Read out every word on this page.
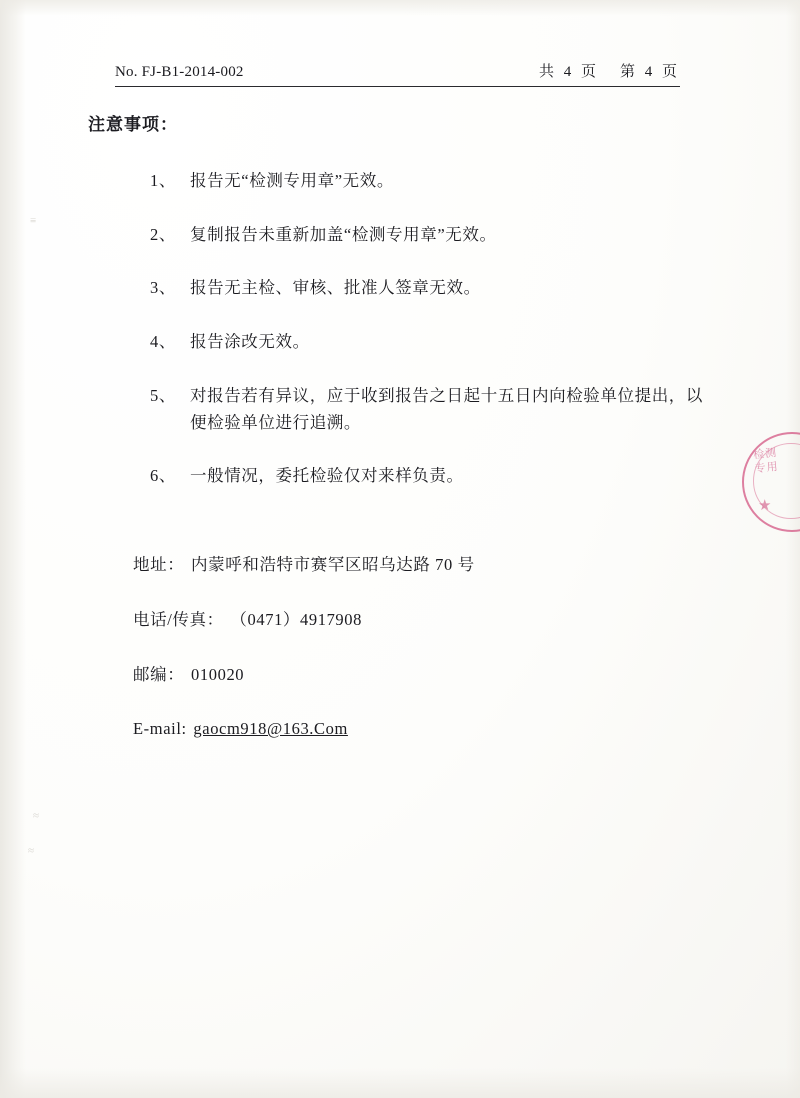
No. FJ-B1-2014-002	共 4 页 第 4 页
注意事项：
1、 报告无“检测专用章”无效。
2、 复制报告未重新加盖“检测专用章”无效。
3、 报告无主检、审核、批准人签章无效。
4、 报告涂改无效。
5、 对报告若有异议，应于收到报告之日起十五日内向检验单位提出，以便检验单位进行追溯。
6、 一般情况，委托检验仅对来样负责。
地址： 内蒙呼和浩特市赛罕区昭乌达路 70 号
电话/传真： （0471）4917908
邮编： 010020
E-mail: gaocm918@163.Com
检测专用
★
≡
≈
≈
